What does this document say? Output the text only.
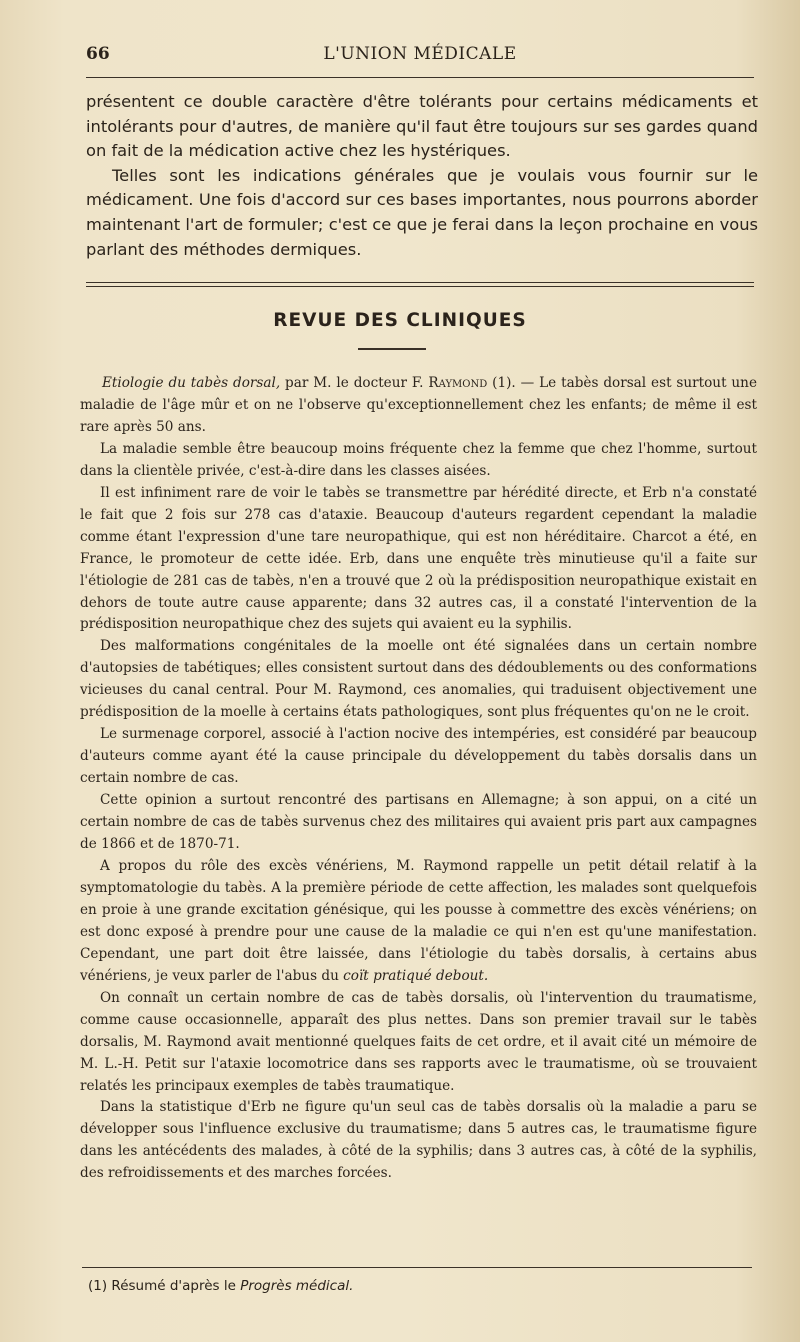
66	L'UNION MÉDICALE

présentent ce double caractère d'être tolérants pour certains médicaments et intolérants pour d'autres, de manière qu'il faut être toujours sur ses gardes quand on fait de la médication active chez les hystériques.

Telles sont les indications générales que je voulais vous fournir sur le médicament. Une fois d'accord sur ces bases importantes, nous pourrons aborder maintenant l'art de formuler; c'est ce que je ferai dans la leçon prochaine en vous parlant des méthodes dermiques.

REVUE DES CLINIQUES

Etiologie du tabès dorsal, par M. le docteur F. Raymond (1). — Le tabès dorsal est surtout une maladie de l'âge mûr et on ne l'observe qu'exceptionnellement chez les enfants; de même il est rare après 50 ans.

La maladie semble être beaucoup moins fréquente chez la femme que chez l'homme, surtout dans la clientèle privée, c'est-à-dire dans les classes aisées.

Il est infiniment rare de voir le tabès se transmettre par hérédité directe, et Erb n'a constaté le fait que 2 fois sur 278 cas d'ataxie. Beaucoup d'auteurs regardent cependant la maladie comme étant l'expression d'une tare neuropathique, qui est non héréditaire. Charcot a été, en France, le promoteur de cette idée. Erb, dans une enquête très minutieuse qu'il a faite sur l'étiologie de 281 cas de tabès, n'en a trouvé que 2 où la prédisposition neuropathique existait en dehors de toute autre cause apparente; dans 32 autres cas, il a constaté l'intervention de la prédisposition neuropathique chez des sujets qui avaient eu la syphilis.

Des malformations congénitales de la moelle ont été signalées dans un certain nombre d'autopsies de tabétiques; elles consistent surtout dans des dédoublements ou des conformations vicieuses du canal central. Pour M. Raymond, ces anomalies, qui traduisent objectivement une prédisposition de la moelle à certains états pathologiques, sont plus fréquentes qu'on ne le croit.

Le surmenage corporel, associé à l'action nocive des intempéries, est considéré par beaucoup d'auteurs comme ayant été la cause principale du développement du tabès dorsalis dans un certain nombre de cas.

Cette opinion a surtout rencontré des partisans en Allemagne; à son appui, on a cité un certain nombre de cas de tabès survenus chez des militaires qui avaient pris part aux campagnes de 1866 et de 1870-71.

A propos du rôle des excès vénériens, M. Raymond rappelle un petit détail relatif à la symptomatologie du tabès. A la première période de cette affection, les malades sont quelquefois en proie à une grande excitation génésique, qui les pousse à commettre des excès vénériens; on est donc exposé à prendre pour une cause de la maladie ce qui n'en est qu'une manifestation. Cependant, une part doit être laissée, dans l'étiologie du tabès dorsalis, à certains abus vénériens, je veux parler de l'abus du coït pratiqué debout.

On connaît un certain nombre de cas de tabès dorsalis, où l'intervention du traumatisme, comme cause occasionnelle, apparaît des plus nettes. Dans son premier travail sur le tabès dorsalis, M. Raymond avait mentionné quelques faits de cet ordre, et il avait cité un mémoire de M. L.-H. Petit sur l'ataxie locomotrice dans ses rapports avec le traumatisme, où se trouvaient relatés les principaux exemples de tabès traumatique.

Dans la statistique d'Erb ne figure qu'un seul cas de tabès dorsalis où la maladie a paru se développer sous l'influence exclusive du traumatisme; dans 5 autres cas, le traumatisme figure dans les antécédents des malades, à côté de la syphilis; dans 3 autres cas, à côté de la syphilis, des refroidissements et des marches forcées.

(1) Résumé d'après le Progrès médical.
